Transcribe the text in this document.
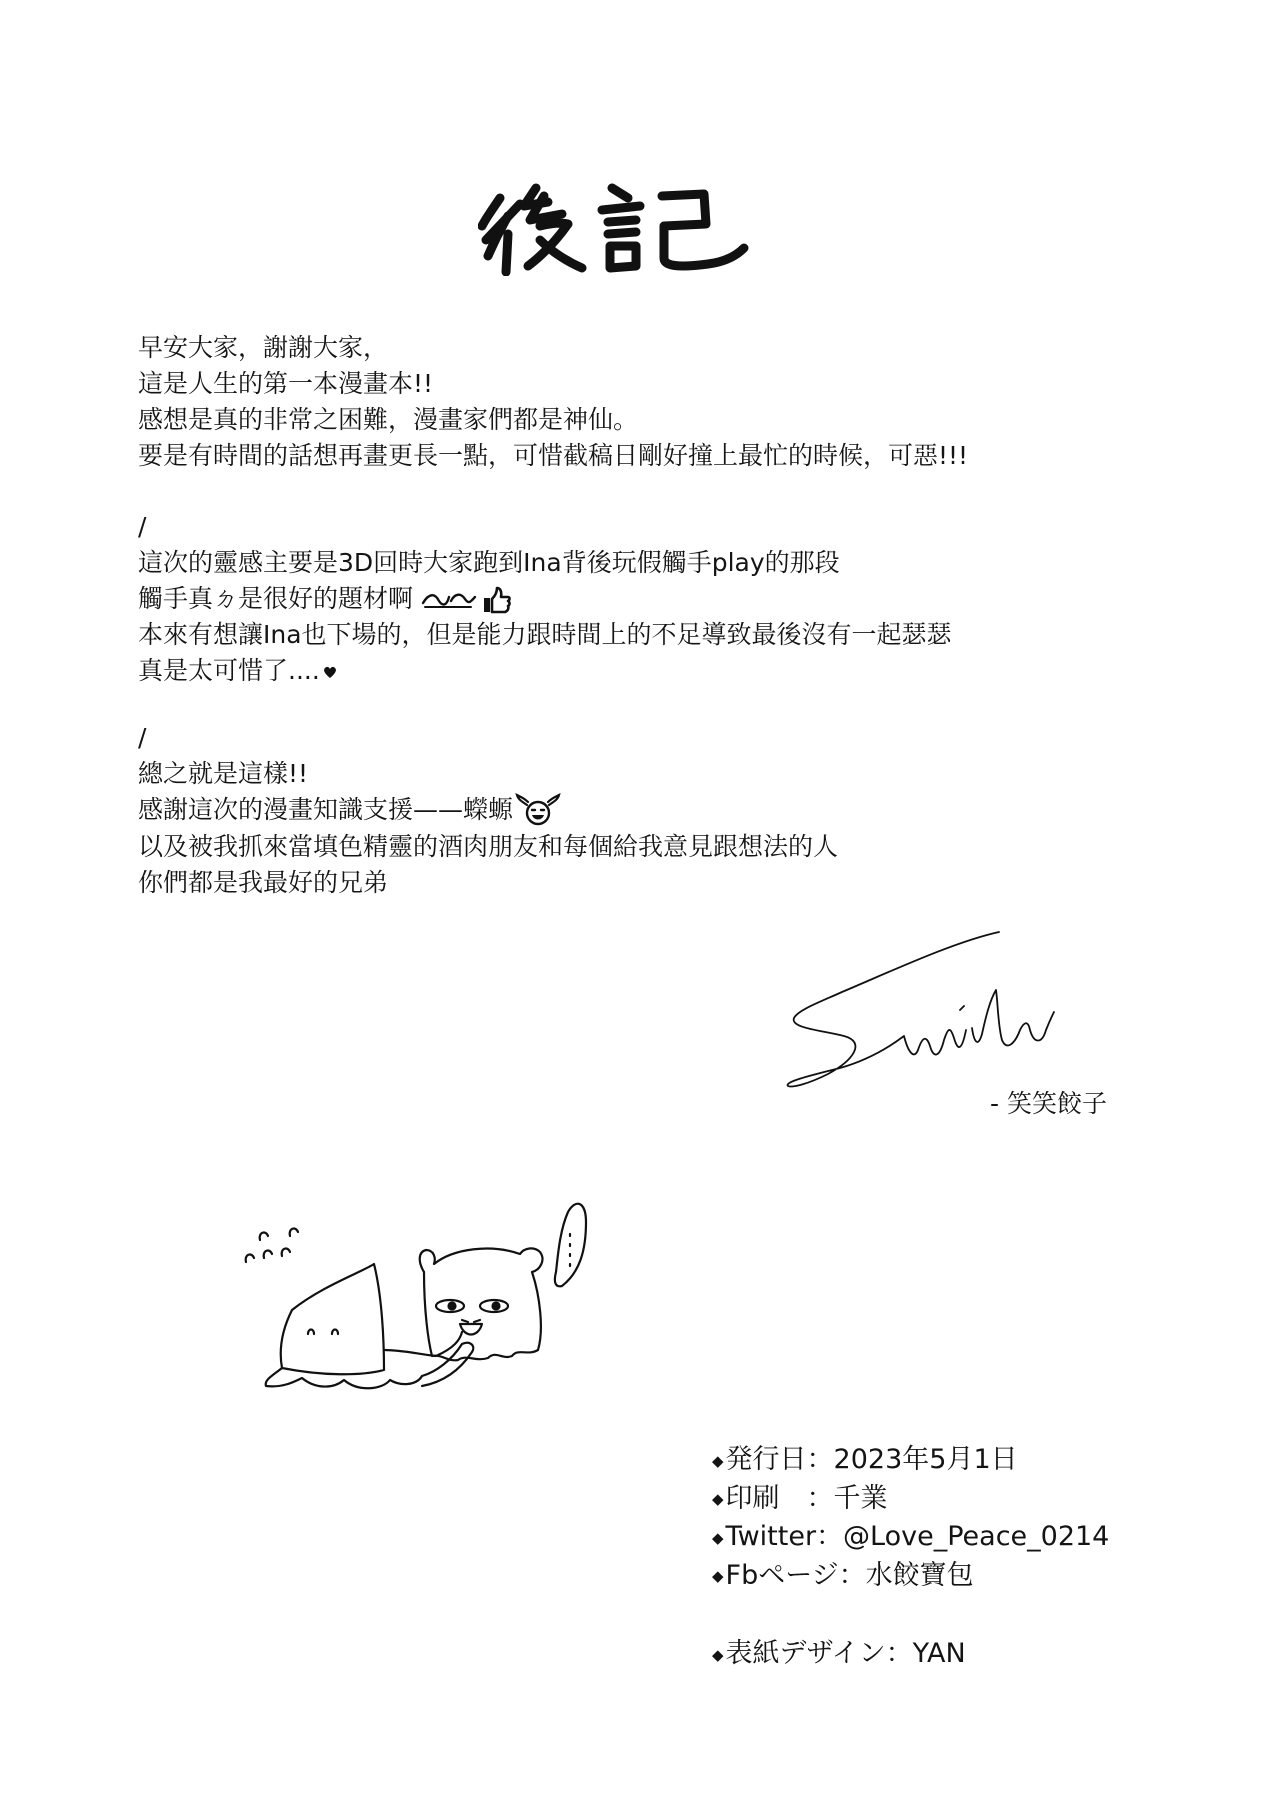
早安大家，謝謝大家，
這是人生的第一本漫畫本!!
感想是真的非常之困難，漫畫家們都是神仙。
要是有時間的話想再畫更長一點，可惜截稿日剛好撞上最忙的時候，可惡!!!
/
這次的靈感主要是3D回時大家跑到Ina背後玩假觸手play的那段
觸手真ㄉ是很好的題材啊
本來有想讓Ina也下場的，但是能力跟時間上的不足導致最後沒有一起瑟瑟
真是太可惜了....
/
總之就是這樣!!
感謝這次的漫畫知識支援——蠑螈
以及被我抓來當填色精靈的酒肉朋友和每個給我意見跟想法的人
你們都是我最好的兄弟
- 笑笑餃子
◆発行日：2023年5月1日
◆印刷　：千業
◆Twitter：@Love_Peace_0214
◆Fbページ：水餃寶包
◆表紙デザイン：YAN
